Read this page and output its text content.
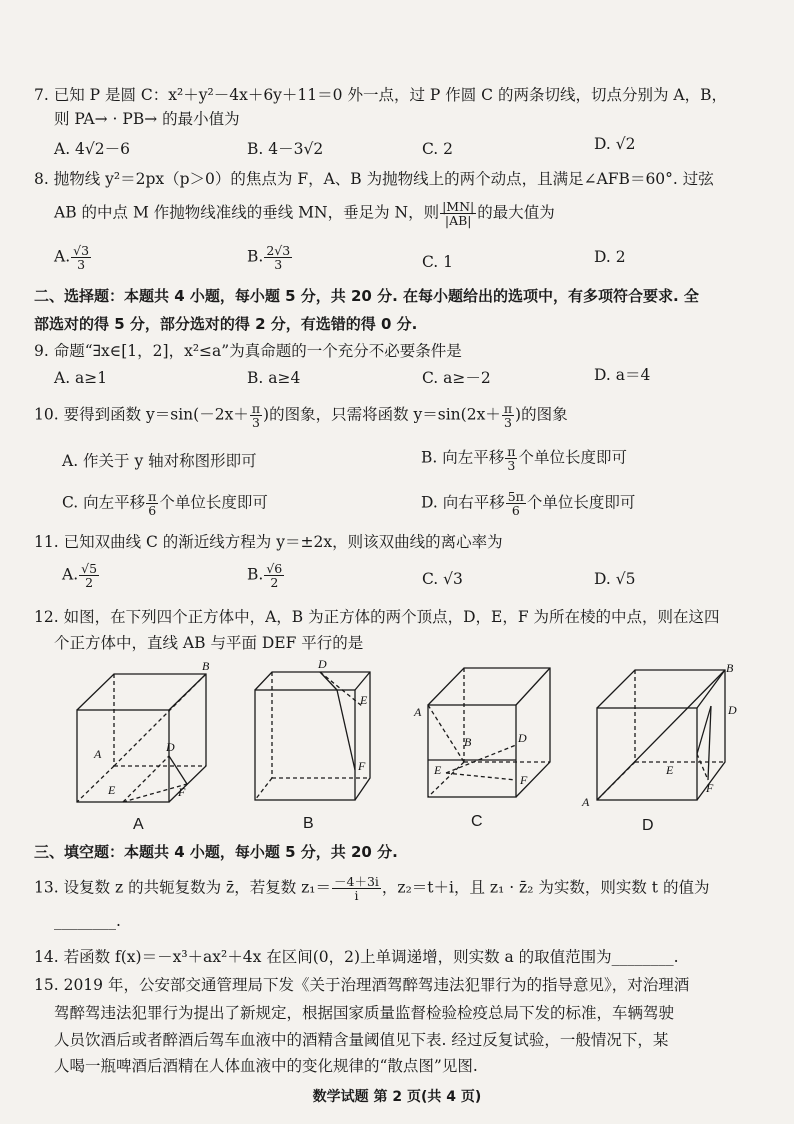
7. 已知 P 是圆 C：x²＋y²－4x＋6y＋11＝0 外一点，过 P 作圆 C 的两条切线，切点分别为 A，B，
则 PA→ · PB→ 的最小值为
A. 4√2－6	B. 4－3√2	C. 2	D. √2
8. 抛物线 y²＝2px（p＞0）的焦点为 F，A、B 为抛物线上的两个动点，且满足∠AFB＝60°. 过弦
AB 的中点 M 作抛物线准线的垂线 MN，垂足为 N，则 $\frac{|MN|}{|AB|}$ 的最大值为
A. $\frac{√3}{3}$	B. $\frac{2√3}{3}$	C. 1	D. 2
二、选择题：本题共 4 小题，每小题 5 分，共 20 分. 在每小题给出的选项中，有多项符合要求. 全
部选对的得 5 分，部分选对的得 2 分，有选错的得 0 分.
9. 命题“∃x∈[1，2]，x²≤a”为真命题的一个充分不必要条件是
A. a≥1	B. a≥4	C. a≥－2	D. a＝4
10. 要得到函数 $y=\sin(-2x+ \frac{\pi}{3}$ )的图象，只需将函数 $y=\sin(2x+ \frac{\pi}{3}$ )的图象
A. 作关于 y 轴对称图形即可	B. 向左平移 $\frac{\pi}{3}$ 个单位长度即可
C. 向左平移 $\frac{\pi}{6}$ 个单位长度即可	D. 向右平移 $\frac{5\pi}{6}$ 个单位长度即可
11. 已知双曲线 C 的渐近线方程为 y＝±2x，则该双曲线的离心率为
A. $\frac{√5}{2}$	B. $\frac{√6}{2}$	C. √3	D. √5
12. 如图，在下列四个正方体中，A，B 为正方体的两个顶点，D，E，F 为所在棱的中点，则在这四
个正方体中，直线 AB 与平面 DEF 平行的是
B
A	D
E	F
D
E
F
A
B	D
E
F
B
D
E
F
A
A	B	C	D
三、填空题：本题共 4 小题，每小题 5 分，共 20 分.
13. 设复数 z 的共轭复数为 z̄，若复数 $z_1= \frac{-4+3i}{i}$ ，z₂＝t＋i，且 z₁ · z̄₂ 为实数，则实数 t 的值为
________.
14. 若函数 f(x)＝－x³＋ax²＋4x 在区间(0，2)上单调递增，则实数 a 的取值范围为________.
15. 2019 年，公安部交通管理局下发《关于治理酒驾醉驾违法犯罪行为的指导意见》，对治理酒
驾醉驾违法犯罪行为提出了新规定，根据国家质量监督检验检疫总局下发的标准，车辆驾驶
人员饮酒后或者醉酒后驾车血液中的酒精含量阈值见下表. 经过反复试验，一般情况下，某
人喝一瓶啤酒后酒精在人体血液中的变化规律的“散点图”见图.
数学试题 第 2 页(共 4 页)
